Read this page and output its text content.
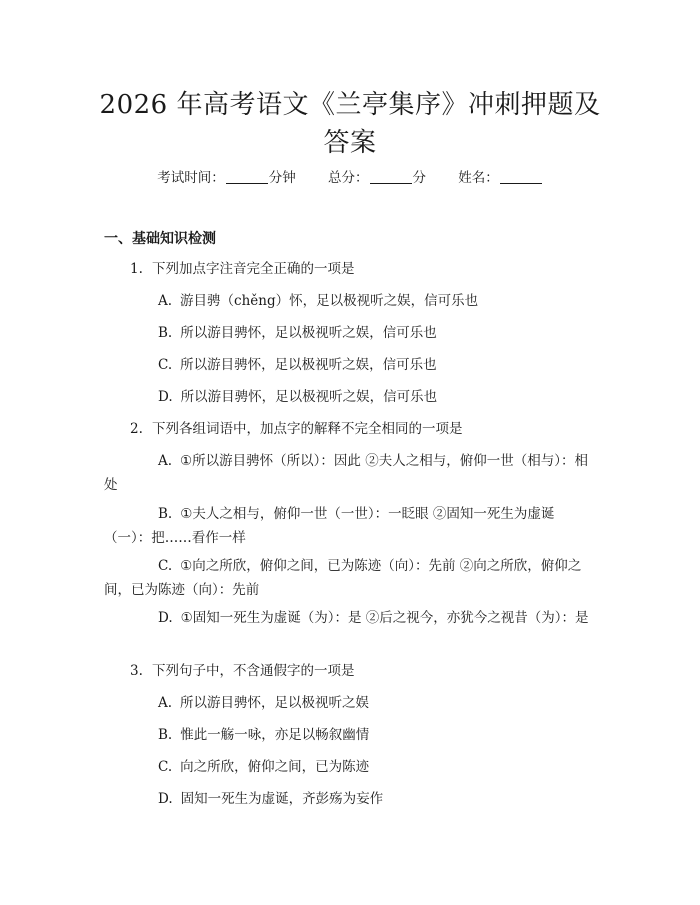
2026 年高考语文《兰亭集序》冲刺押题及答案
考试时间：	分钟 总分：	分 姓名：
一、基础知识检测
1. 下列加点字注音完全正确的一项是
A. 游目骋（chěng）怀，足以极视听之娱，信可乐也
B. 所以游目骋怀，足以极视听之娱，信可乐也
C. 所以游目骋怀，足以极视听之娱，信可乐也
D. 所以游目骋怀，足以极视听之娱，信可乐也
2. 下列各组词语中，加点字的解释不完全相同的一项是
A. ①所以游目骋怀（所以）：因此 ②夫人之相与，俯仰一世（相与）：相处
B. ①夫人之相与，俯仰一世（一世）：一眨眼 ②固知一死生为虚诞（一）：把……看作一样
C. ①向之所欣，俯仰之间，已为陈迹（向）：先前 ②向之所欣，俯仰之间，已为陈迹（向）：先前
D. ①固知一死生为虚诞（为）：是 ②后之视今，亦犹今之视昔（为）：是
3. 下列句子中，不含通假字的一项是
A. 所以游目骋怀，足以极视听之娱
B. 惟此一觞一咏，亦足以畅叙幽情
C. 向之所欣，俯仰之间，已为陈迹
D. 固知一死生为虚诞，齐彭殇为妄作
